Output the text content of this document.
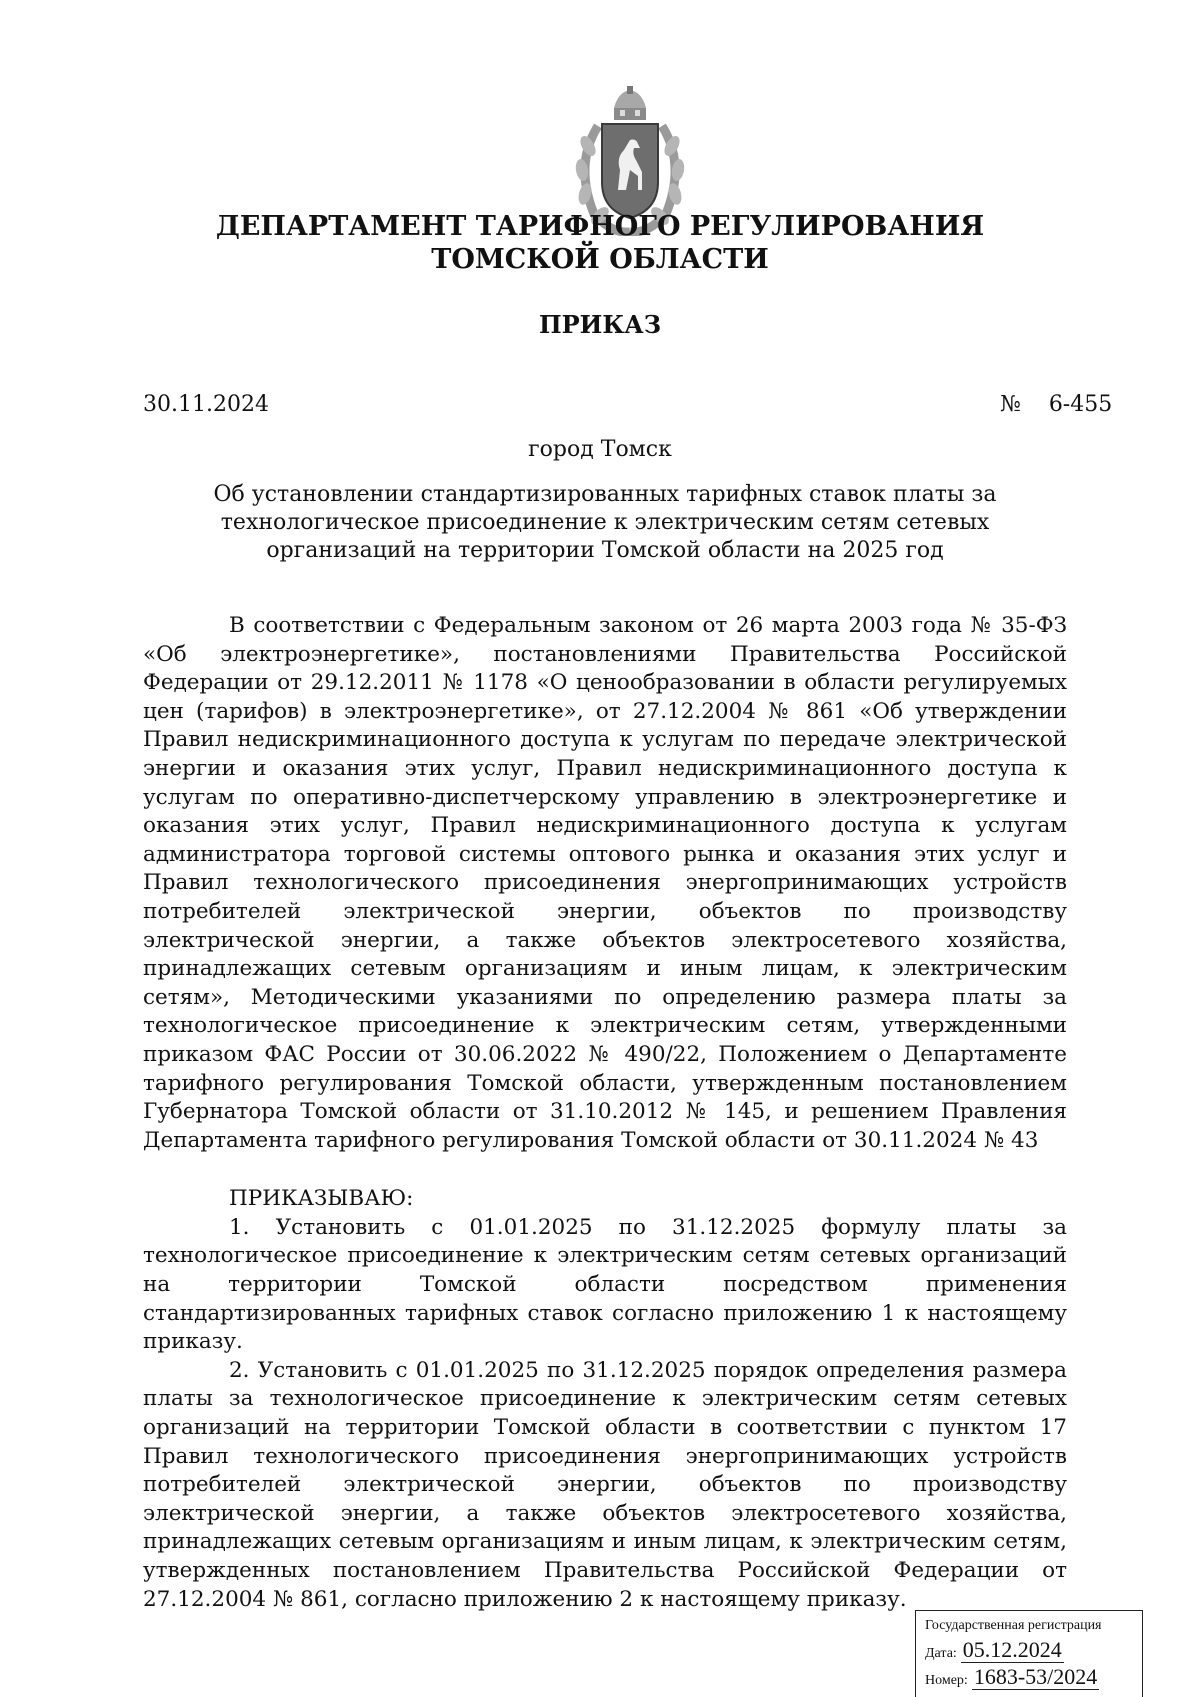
ДЕПАРТАМЕНТ ТАРИФНОГО РЕГУЛИРОВАНИЯ
ТОМСКОЙ ОБЛАСТИ
ПРИКАЗ
30.11.2024	№ 6-455
город Томск
Об установлении стандартизированных тарифных ставок платы за технологическое присоединение к электрическим сетям сетевых организаций на территории Томской области на 2025 год

В соответствии с Федеральным законом от 26 марта 2003 года № 35-ФЗ «Об электроэнергетике», постановлениями Правительства Российской Федерации от 29.12.2011 № 1178 «О ценообразовании в области регулируемых цен (тарифов) в электроэнергетике», от 27.12.2004 № 861 «Об утверждении Правил недискриминационного доступа к услугам по передаче электрической энергии и оказания этих услуг, Правил недискриминационного доступа к услугам по оперативно-диспетчерскому управлению в электроэнергетике и оказания этих услуг, Правил недискриминационного доступа к услугам администратора торговой системы оптового рынка и оказания этих услуг и Правил технологического присоединения энергопринимающих устройств потребителей электрической энергии, объектов по производству электрической энергии, а также объектов электросетевого хозяйства, принадлежащих сетевым организациям и иным лицам, к электрическим сетям», Методическими указаниями по определению размера платы за технологическое присоединение к электрическим сетям, утвержденными приказом ФАС России от 30.06.2022 № 490/22, Положением о Департаменте тарифного регулирования Томской области, утвержденным постановлением Губернатора Томской области от 31.10.2012 № 145, и решением Правления Департамента тарифного регулирования Томской области от 30.11.2024 № 43

ПРИКАЗЫВАЮ:

1. Установить с 01.01.2025 по 31.12.2025 формулу платы за технологическое присоединение к электрическим сетям сетевых организаций на территории Томской области посредством применения стандартизированных тарифных ставок согласно приложению 1 к настоящему приказу.

2. Установить с 01.01.2025 по 31.12.2025 порядок определения размера платы за технологическое присоединение к электрическим сетям сетевых организаций на территории Томской области в соответствии с пунктом 17 Правил технологического присоединения энергопринимающих устройств потребителей электрической энергии, объектов по производству электрической энергии, а также объектов электросетевого хозяйства, принадлежащих сетевым организациям и иным лицам, к электрическим сетям, утвержденных постановлением Правительства Российской Федерации от 27.12.2004 № 861, согласно приложению 2 к настоящему приказу.

Государственная регистрация
Дата: 05.12.2024
Номер: 1683-53/2024
